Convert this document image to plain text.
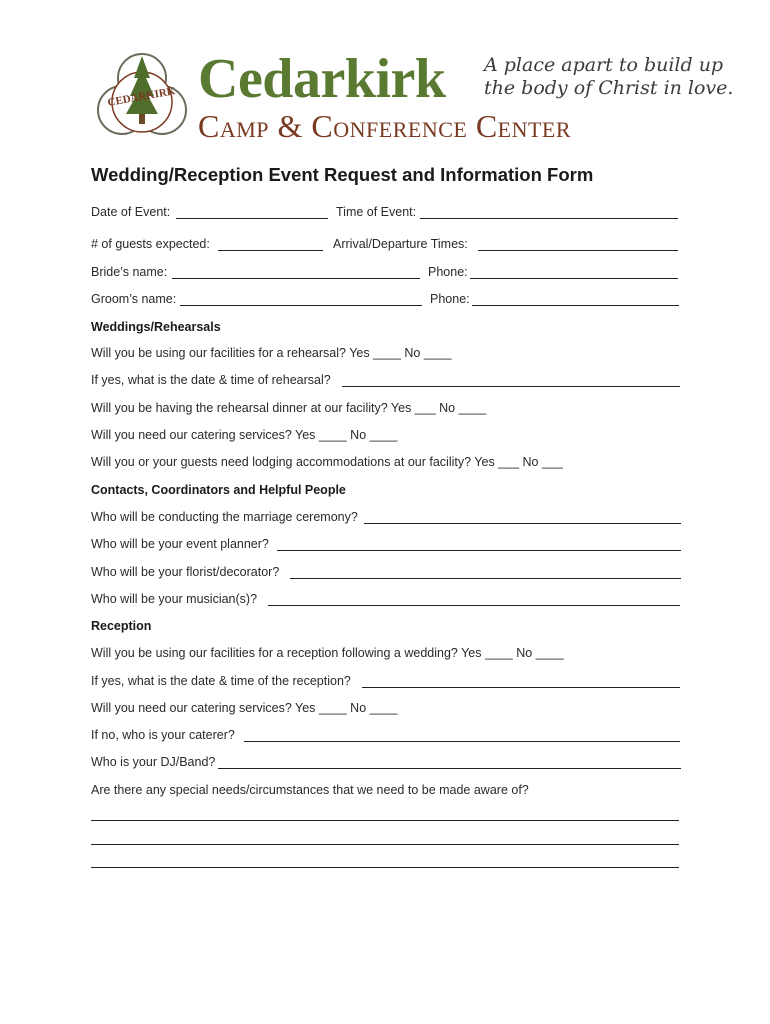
CEDARKIRK Cedarkirk A place apart to build up
the body of Christ in love.
Camp & Conference Center
Wedding/Reception Event Request and Information Form
Date of Event:	Time of Event:
# of guests expected:	Arrival/Departure Times:
Bride’s name:	Phone:
Groom’s name:	Phone:
Weddings/Rehearsals
Will you be using our facilities for a rehearsal? Yes ____ No ____
If yes, what is the date & time of rehearsal?
Will you be having the rehearsal dinner at our facility? Yes ___ No ____
Will you need our catering services? Yes ____ No ____
Will you or your guests need lodging accommodations at our facility? Yes ___ No ___
Contacts, Coordinators and Helpful People
Who will be conducting the marriage ceremony?
Who will be your event planner?
Who will be your florist/decorator?
Who will be your musician(s)?
Reception
Will you be using our facilities for a reception following a wedding? Yes ____ No ____
If yes, what is the date & time of the reception?
Will you need our catering services? Yes ____ No ____
If no, who is your caterer?
Who is your DJ/Band?
Are there any special needs/circumstances that we need to be made aware of?
